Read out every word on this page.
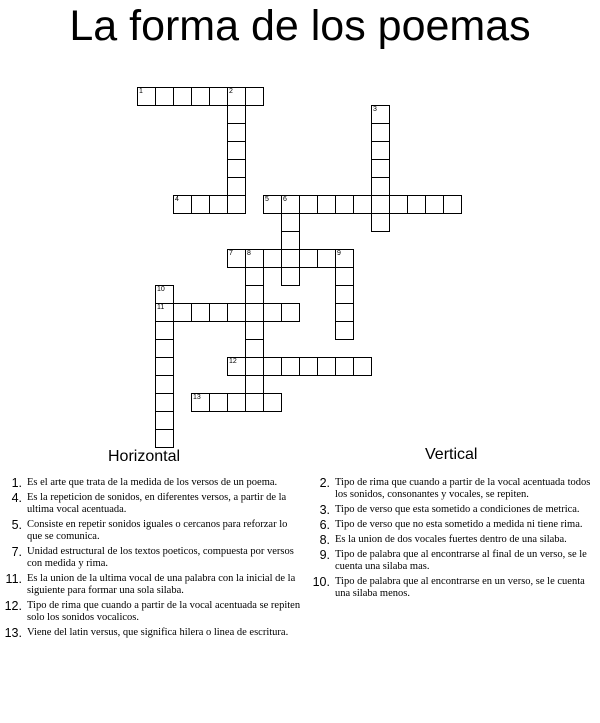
La forma de los poemas
1	2
4	5 6
7 8
11
12
13
3
9
10
Horizontal	Vertical
1. Es el arte que trata de la medida de los versos de un poema.
4. Es la repeticion de sonidos, en diferentes versos, a partir de la ultima vocal acentuada.
5. Consiste en repetir sonidos iguales o cercanos para reforzar lo que se comunica.
7. Unidad estructural de los textos poeticos, compuesta por versos con medida y rima.
11. Es la union de la ultima vocal de una palabra con la inicial de la siguiente para formar una sola silaba.
12. Tipo de rima que cuando a partir de la vocal acentuada se repiten solo los sonidos vocalicos.
13. Viene del latin versus, que significa hilera o linea de escritura.
2. Tipo de rima que cuando a partir de la vocal acentuada todos los sonidos, consonantes y vocales, se repiten.
3. Tipo de verso que esta sometido a condiciones de metrica.
6. Tipo de verso que no esta sometido a medida ni tiene rima.
8. Es la union de dos vocales fuertes dentro de una silaba.
9. Tipo de palabra que al encontrarse al final de un verso, se le cuenta una silaba mas.
10. Tipo de palabra que al encontrarse en un verso, se le cuenta una silaba menos.
